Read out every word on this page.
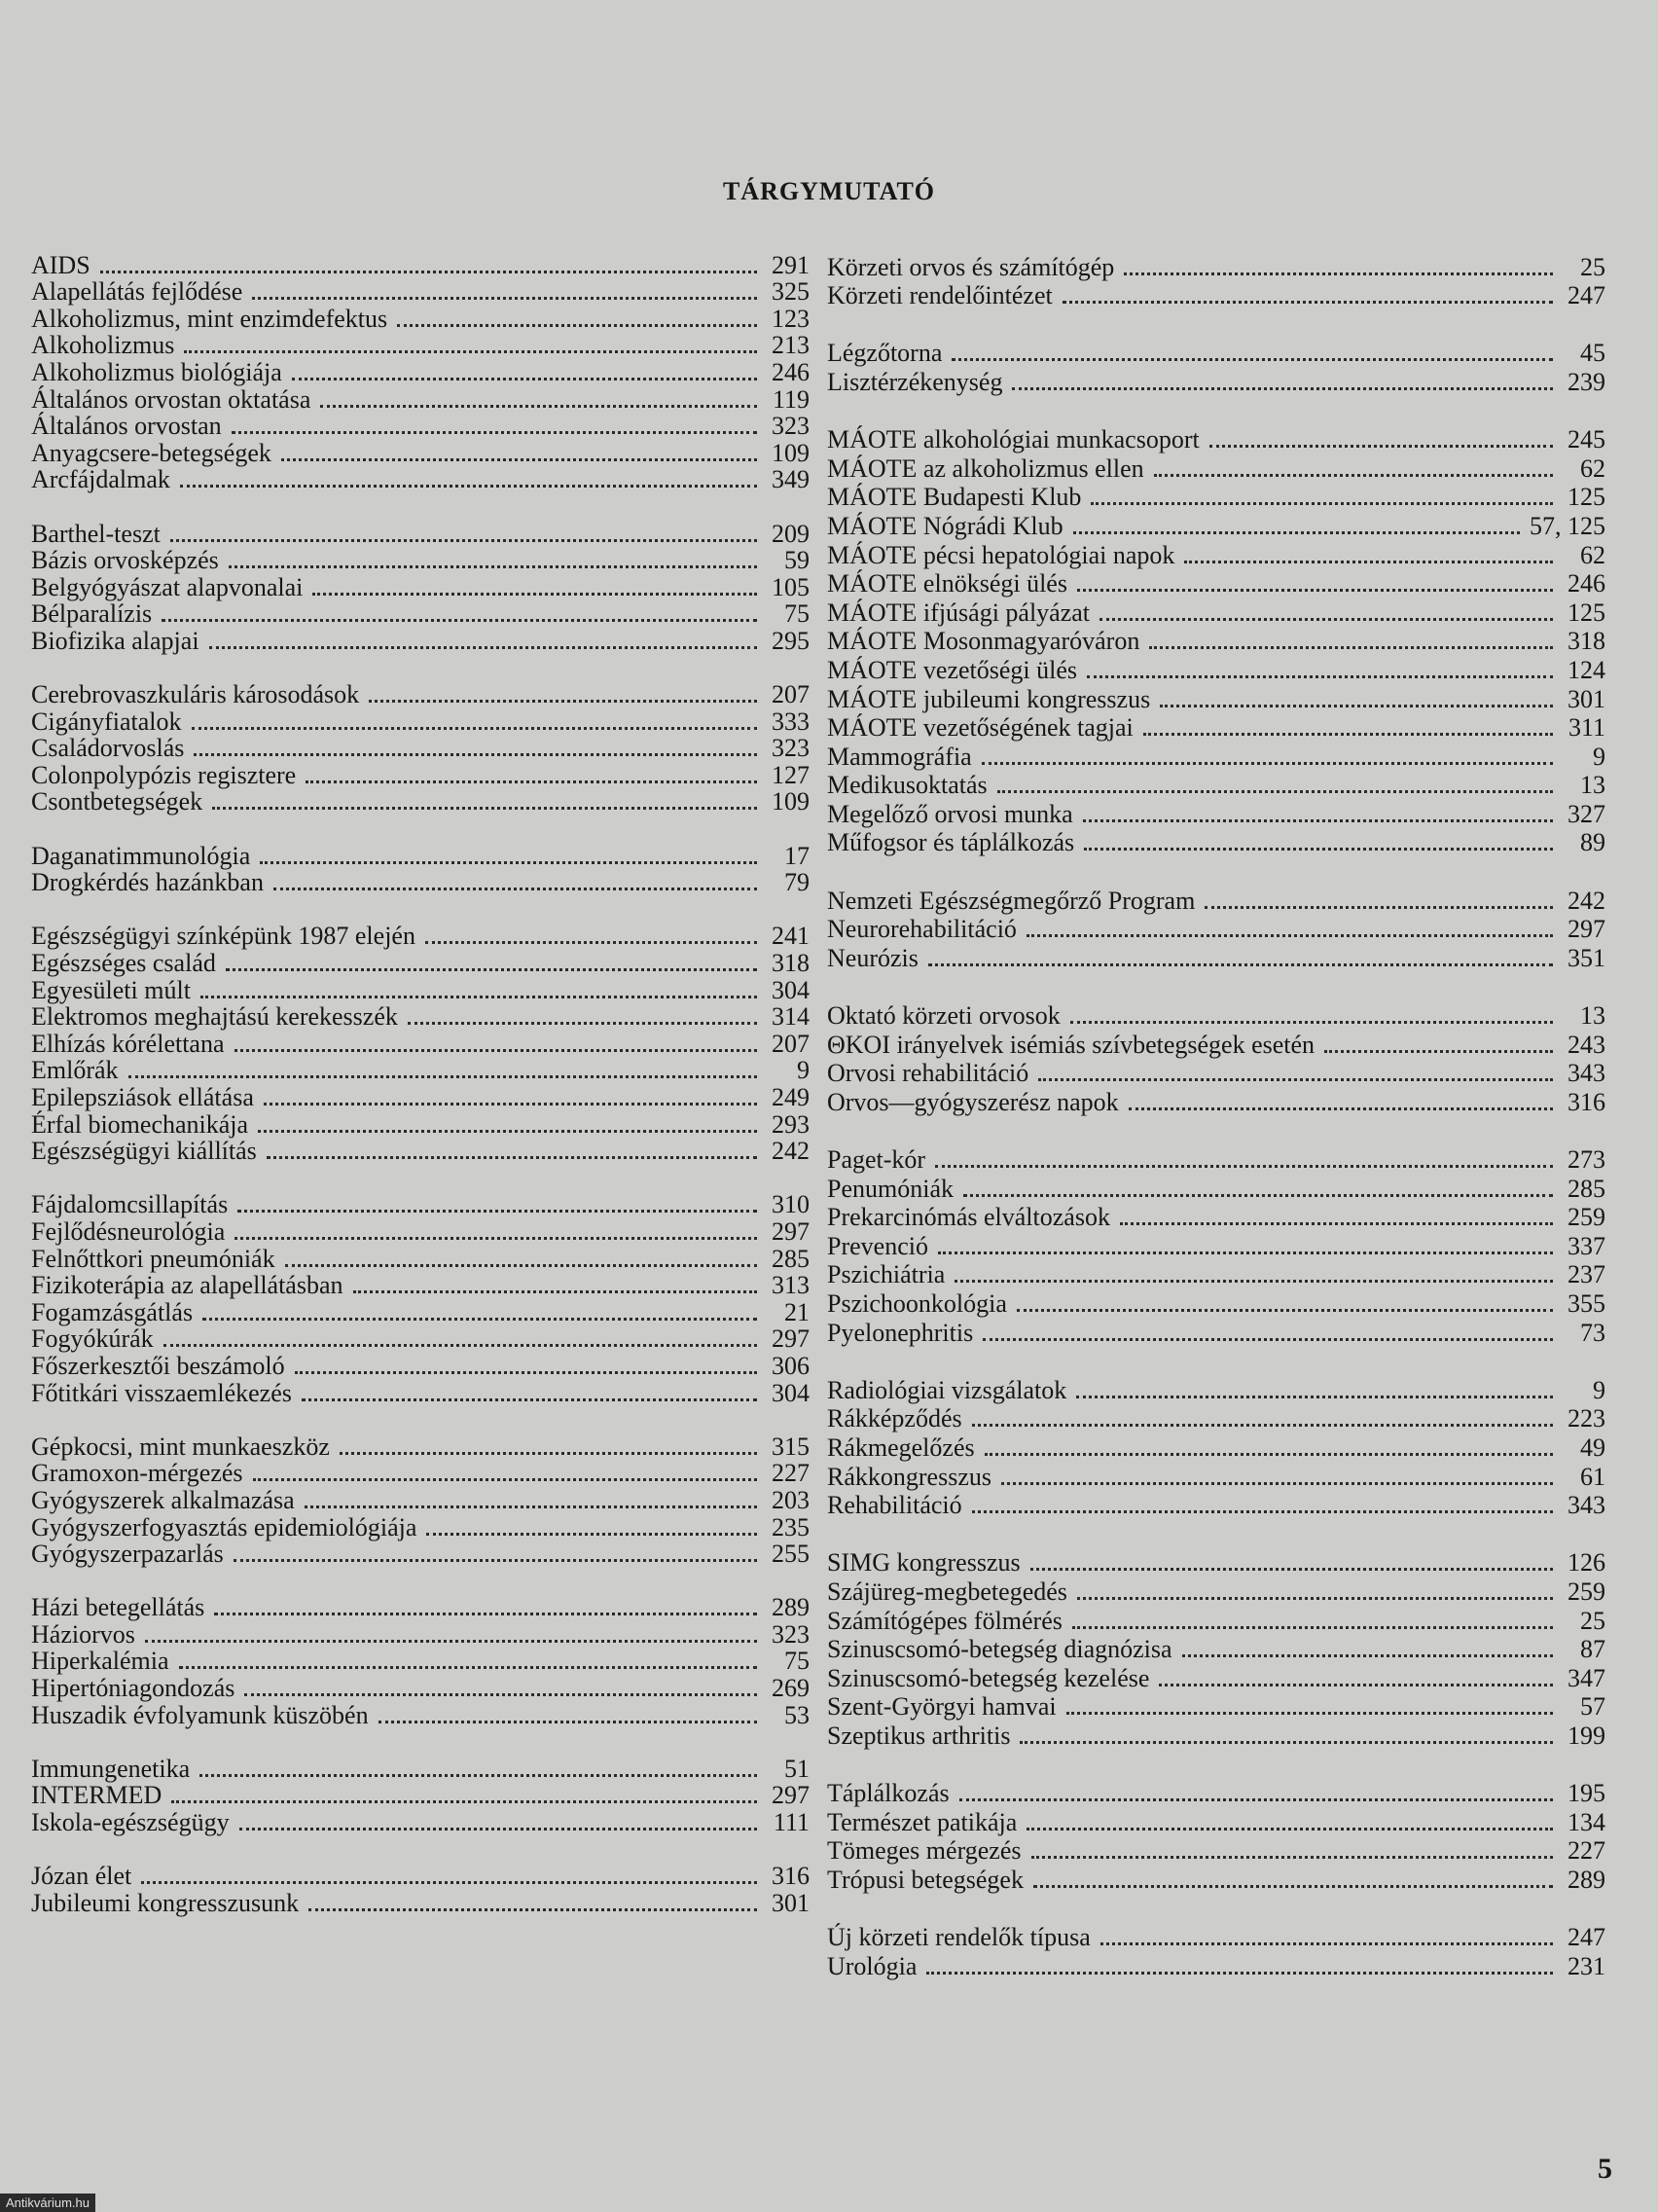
TÁRGYMUTATÓ
AIDS	291
Alapellátás fejlődése	325
Alkoholizmus, mint enzimdefektus	123
Alkoholizmus	213
Alkoholizmus biológiája	246
Általános orvostan oktatása	119
Általános orvostan	323
Anyagcsere-betegségek	109
Arcfájdalmak	349
Barthel-teszt	209
Bázis orvosképzés	59
Belgyógyászat alapvonalai	105
Bélparalízis	75
Biofizika alapjai	295
Cerebrovaszkuláris károsodások	207
Cigányfiatalok	333
Családorvoslás	323
Colonpolypózis regisztere	127
Csontbetegségek	109
Daganatimmunológia	17
Drogkérdés hazánkban	79
Egészségügyi színképünk 1987 elején	241
Egészséges család	318
Egyesületi múlt	304
Elektromos meghajtású kerekesszék	314
Elhízás kórélettana	207
Emlőrák	9
Epilepsziások ellátása	249
Érfal biomechanikája	293
Egészségügyi kiállítás	242
Fájdalomcsillapítás	310
Fejlődésneurológia	297
Felnőttkori pneumóniák	285
Fizikoterápia az alapellátásban	313
Fogamzásgátlás	21
Fogyókúrák	297
Főszerkesztői beszámoló	306
Főtitkári visszaemlékezés	304
Gépkocsi, mint munkaeszköz	315
Gramoxon-mérgezés	227
Gyógyszerek alkalmazása	203
Gyógyszerfogyasztás epidemiológiája	235
Gyógyszerpazarlás	255
Házi betegellátás	289
Háziorvos	323
Hiperkalémia	75
Hipertóniagondozás	269
Huszadik évfolyamunk küszöbén	53
Immungenetika	51
INTERMED	297
Iskola-egészségügy	111
Józan élet	316
Jubileumi kongresszusunk	301
Körzeti orvos és számítógép	25
Körzeti rendelőintézet	247
Légzőtorna	45
Lisztérzékenység	239
MÁOTE alkohológiai munkacsoport	245
MÁOTE az alkoholizmus ellen	62
MÁOTE Budapesti Klub	125
MÁOTE Nógrádi Klub	57, 125
MÁOTE pécsi hepatológiai napok	62
MÁOTE elnökségi ülés	246
MÁOTE ifjúsági pályázat	125
MÁOTE Mosonmagyaróváron	318
MÁOTE vezetőségi ülés	124
MÁOTE jubileumi kongresszus	301
MÁOTE vezetőségének tagjai	311
Mammográfia	9
Medikusoktatás	13
Megelőző orvosi munka	327
Műfogsor és táplálkozás	89
Nemzeti Egészségmegőrző Program	242
Neurorehabilitáció	297
Neurózis	351
Oktató körzeti orvosok	13
ΘKOI irányelvek isémiás szívbetegségek esetén	243
Orvosi rehabilitáció	343
Orvos—gyógyszerész napok	316
Paget-kór	273
Penumóniák	285
Prekarcinómás elváltozások	259
Prevenció	337
Pszichiátria	237
Pszichoonkológia	355
Pyelonephritis	73
Radiológiai vizsgálatok	9
Rákképződés	223
Rákmegelőzés	49
Rákkongresszus	61
Rehabilitáció	343
SIMG kongresszus	126
Szájüreg-megbetegedés	259
Számítógépes fölmérés	25
Szinuscsomó-betegség diagnózisa	87
Szinuscsomó-betegség kezelése	347
Szent-Györgyi hamvai	57
Szeptikus arthritis	199
Táplálkozás	195
Természet patikája	134
Tömeges mérgezés	227
Trópusi betegségek	289
Új körzeti rendelők típusa	247
Urológia	231
5
Antikvárium.hu
